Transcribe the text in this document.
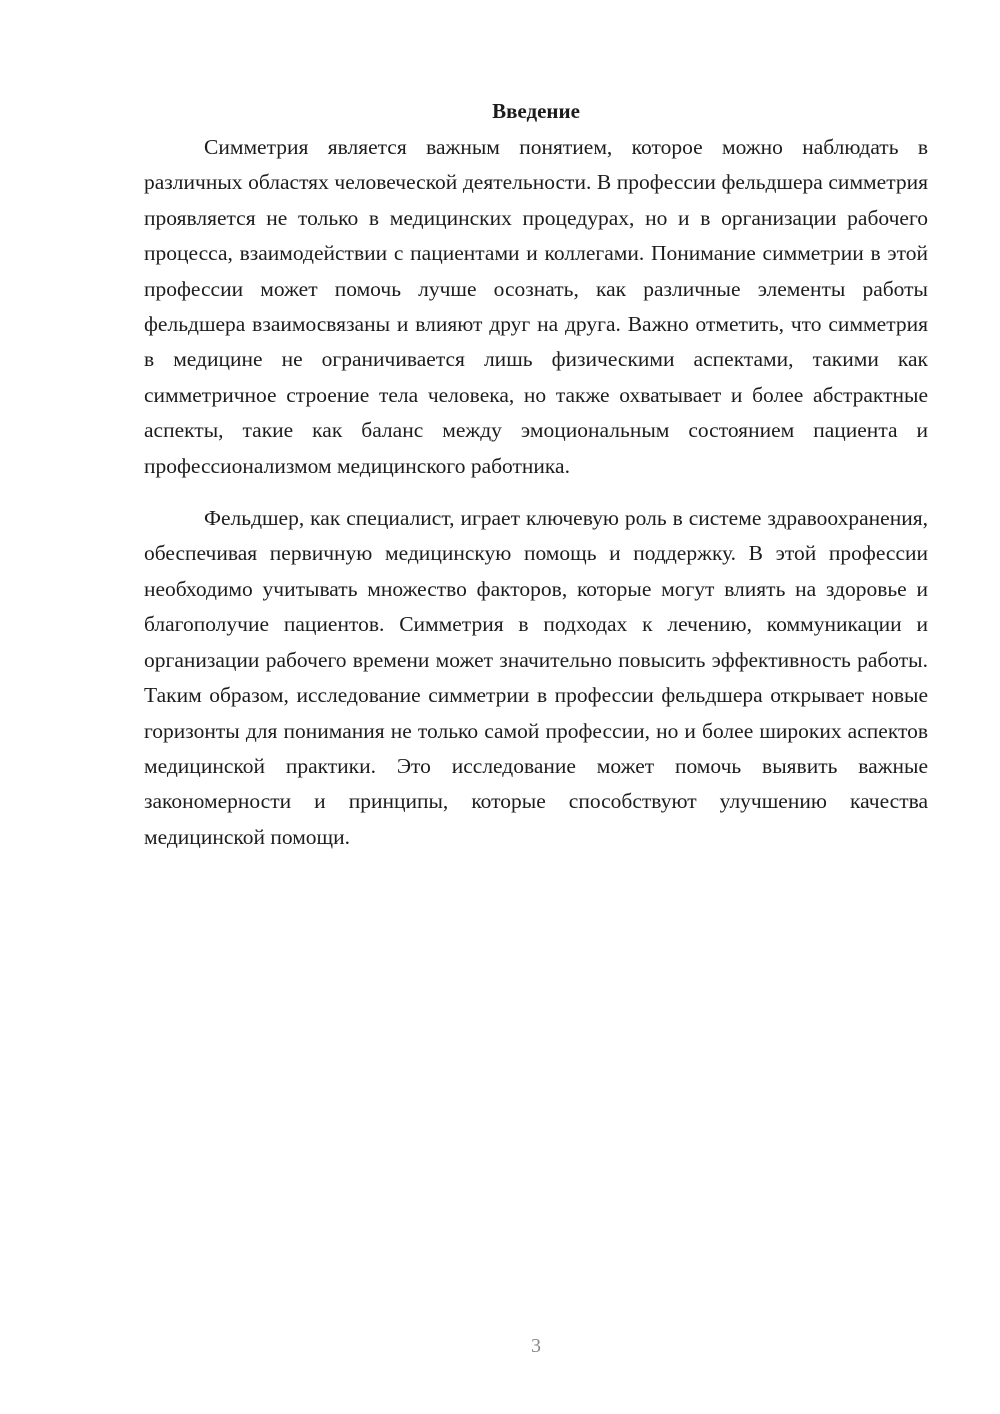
Введение

Симметрия является важным понятием, которое можно наблюдать в различных областях человеческой деятельности. В профессии фельдшера симметрия проявляется не только в медицинских процедурах, но и в организации рабочего процесса, взаимодействии с пациентами и коллегами. Понимание симметрии в этой профессии может помочь лучше осознать, как различные элементы работы фельдшера взаимосвязаны и влияют друг на друга. Важно отметить, что симметрия в медицине не ограничивается лишь физическими аспектами, такими как симметричное строение тела человека, но также охватывает и более абстрактные аспекты, такие как баланс между эмоциональным состоянием пациента и профессионализмом медицинского работника.

Фельдшер, как специалист, играет ключевую роль в системе здравоохранения, обеспечивая первичную медицинскую помощь и поддержку. В этой профессии необходимо учитывать множество факторов, которые могут влиять на здоровье и благополучие пациентов. Симметрия в подходах к лечению, коммуникации и организации рабочего времени может значительно повысить эффективность работы. Таким образом, исследование симметрии в профессии фельдшера открывает новые горизонты для понимания не только самой профессии, но и более широких аспектов медицинской практики. Это исследование может помочь выявить важные закономерности и принципы, которые способствуют улучшению качества медицинской помощи.

3
